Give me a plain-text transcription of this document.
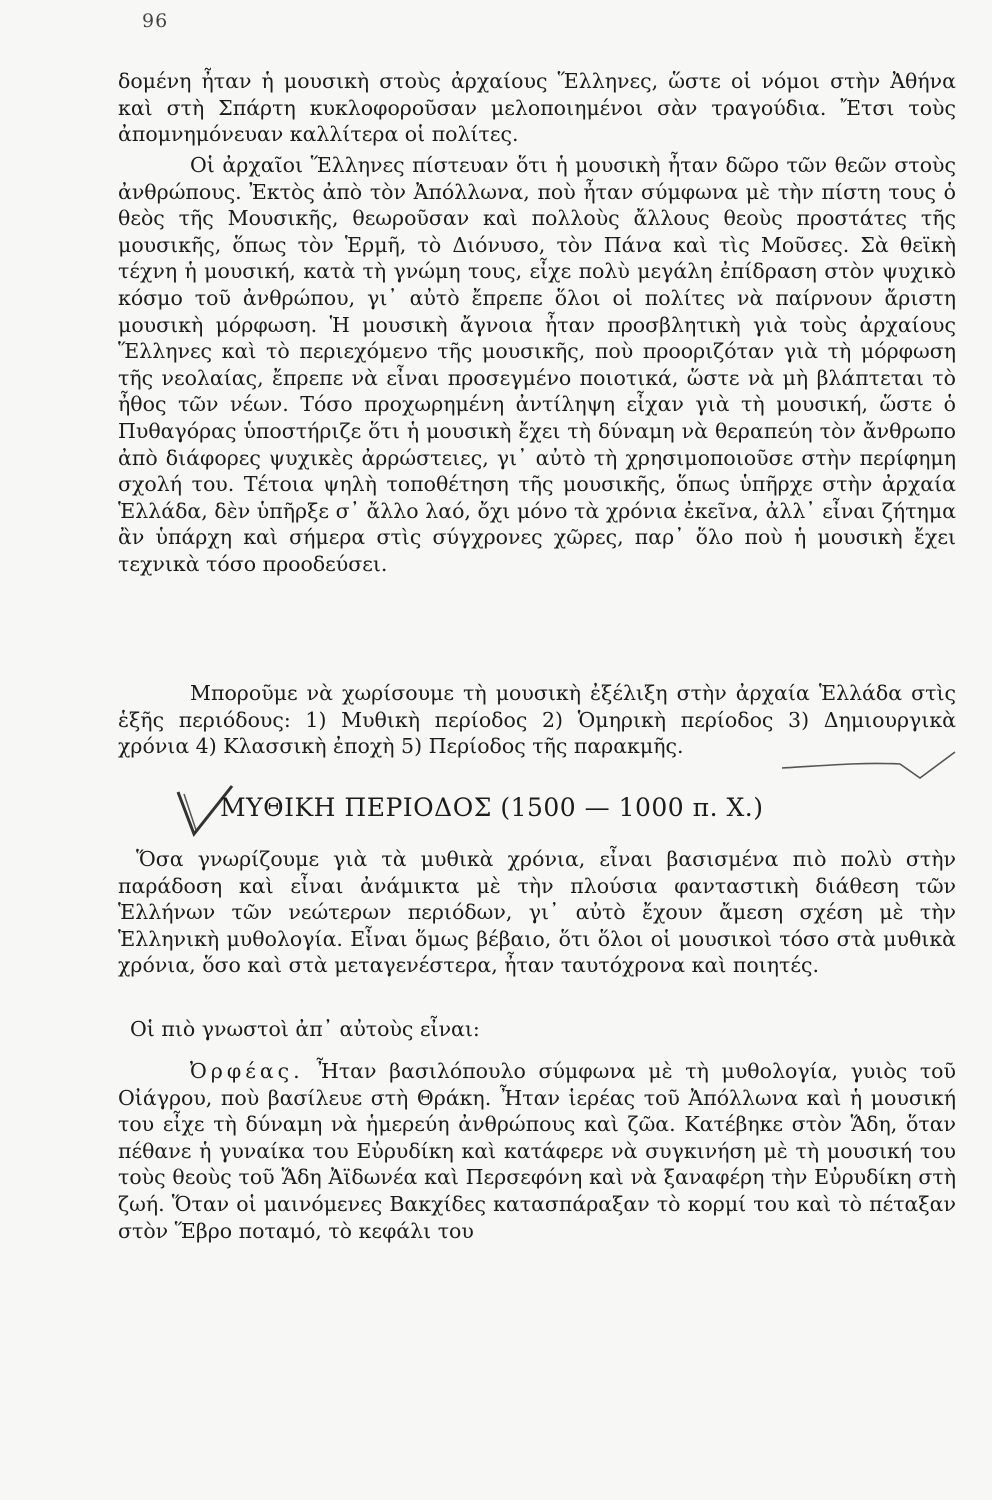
96

δομένη ἦταν ἡ μουσικὴ στοὺς ἀρχαίους Ἕλληνες, ὥστε οἱ νόμοι στὴν Ἀθήνα καὶ στὴ Σπάρτη κυκλοφοροῦσαν μελοποιημένοι σὰν τραγούδια. Ἔτσι τοὺς ἀπομνημόνευαν καλλίτερα οἱ πολίτες.

Οἱ ἀρχαῖοι Ἕλληνες πίστευαν ὅτι ἡ μουσικὴ ἦταν δῶρο τῶν θεῶν στοὺς ἀνθρώπους. Ἐκτὸς ἀπὸ τὸν Ἀπόλλωνα, ποὺ ἦταν σύμφωνα μὲ τὴν πίστη τους ὁ θεὸς τῆς Μουσικῆς, θεωροῦσαν καὶ πολλοὺς ἄλλους θεοὺς προστάτες τῆς μουσικῆς, ὅπως τὸν Ἑρμῆ, τὸ Διόνυσο, τὸν Πάνα καὶ τὶς Μοῦσες. Σὰ θεϊκὴ τέχνη ἡ μουσική, κατὰ τὴ γνώμη τους, εἶχε πολὺ μεγάλη ἐπίδραση στὸν ψυχικὸ κόσμο τοῦ ἀνθρώπου, γι᾽ αὐτὸ ἔπρεπε ὅλοι οἱ πολίτες νὰ παίρνουν ἄριστη μουσικὴ μόρφωση. Ἡ μουσικὴ ἄγνοια ἦταν προσβλητικὴ γιὰ τοὺς ἀρχαίους Ἕλληνες καὶ τὸ περιεχόμενο τῆς μουσικῆς, ποὺ προοριζόταν γιὰ τὴ μόρφωση τῆς νεολαίας, ἔπρεπε νὰ εἶναι προσεγμένο ποιοτικά, ὥστε νὰ μὴ βλάπτεται τὸ ἦθος τῶν νέων. Τόσο προχωρημένη ἀντίληψη εἶχαν γιὰ τὴ μουσική, ὥστε ὁ Πυθαγόρας ὑποστήριζε ὅτι ἡ μουσικὴ ἔχει τὴ δύναμη νὰ θεραπεύη τὸν ἄνθρωπο ἀπὸ διάφορες ψυχικὲς ἀρρώστειες, γι᾽ αὐτὸ τὴ χρησιμοποιοῦσε στὴν περίφημη σχολή του. Τέτοια ψηλὴ τοποθέτηση τῆς μουσικῆς, ὅπως ὑπῆρχε στὴν ἀρχαία Ἑλλάδα, δὲν ὑπῆρξε σ᾽ ἄλλο λαό, ὄχι μόνο τὰ χρόνια ἐκεῖνα, ἀλλ᾽ εἶναι ζήτημα ἂν ὑπάρχη καὶ σήμερα στὶς σύγχρονες χῶρες, παρ᾽ ὅλο ποὺ ἡ μουσικὴ ἔχει τεχνικὰ τόσο προοδεύσει.

Μποροῦμε νὰ χωρίσουμε τὴ μουσικὴ ἐξέλιξη στὴν ἀρχαία Ἑλλάδα στὶς ἑξῆς περιόδους: 1) Μυθικὴ περίοδος 2) Ὁμηρικὴ περίοδος 3) Δημιουργικὰ χρόνια 4) Κλασσικὴ ἐποχὴ 5) Περίοδος τῆς παρακμῆς.

ΜΥΘΙΚΗ ΠΕΡΙΟΔΟΣ (1500 — 1000 π. Χ.)

Ὅσα γνωρίζουμε γιὰ τὰ μυθικὰ χρόνια, εἶναι βασισμένα πιὸ πολὺ στὴν παράδοση καὶ εἶναι ἀνάμικτα μὲ τὴν πλούσια φανταστικὴ διάθεση τῶν Ἑλλήνων τῶν νεώτερων περιόδων, γι᾽ αὐτὸ ἔχουν ἄμεση σχέση μὲ τὴν Ἑλληνικὴ μυθολογία. Εἶναι ὅμως βέβαιο, ὅτι ὅλοι οἱ μουσικοὶ τόσο στὰ μυθικὰ χρόνια, ὅσο καὶ στὰ μεταγενέστερα, ἦταν ταυτόχρονα καὶ ποιητές.

Οἱ πιὸ γνωστοὶ ἀπ᾽ αὐτοὺς εἶναι:

Ὀρφέας. Ἦταν βασιλόπουλο σύμφωνα μὲ τὴ μυθολογία, γυιὸς τοῦ Οἰάγρου, ποὺ βασίλευε στὴ Θράκη. Ἦταν ἱερέας τοῦ Ἀπόλλωνα καὶ ἡ μουσική του εἶχε τὴ δύναμη νὰ ἡμερεύη ἀνθρώπους καὶ ζῶα. Κατέβηκε στὸν Ἅδη, ὅταν πέθανε ἡ γυναίκα του Εὐρυδίκη καὶ κατάφερε νὰ συγκινήση μὲ τὴ μουσική του τοὺς θεοὺς τοῦ Ἅδη Ἀϊδωνέα καὶ Περσεφόνη καὶ νὰ ξαναφέρη τὴν Εὐρυδίκη στὴ ζωή. Ὅταν οἱ μαινόμενες Βακχίδες κατασπάραξαν τὸ κορμί του καὶ τὸ πέταξαν στὸν Ἕβρο ποταμό, τὸ κεφάλι του
